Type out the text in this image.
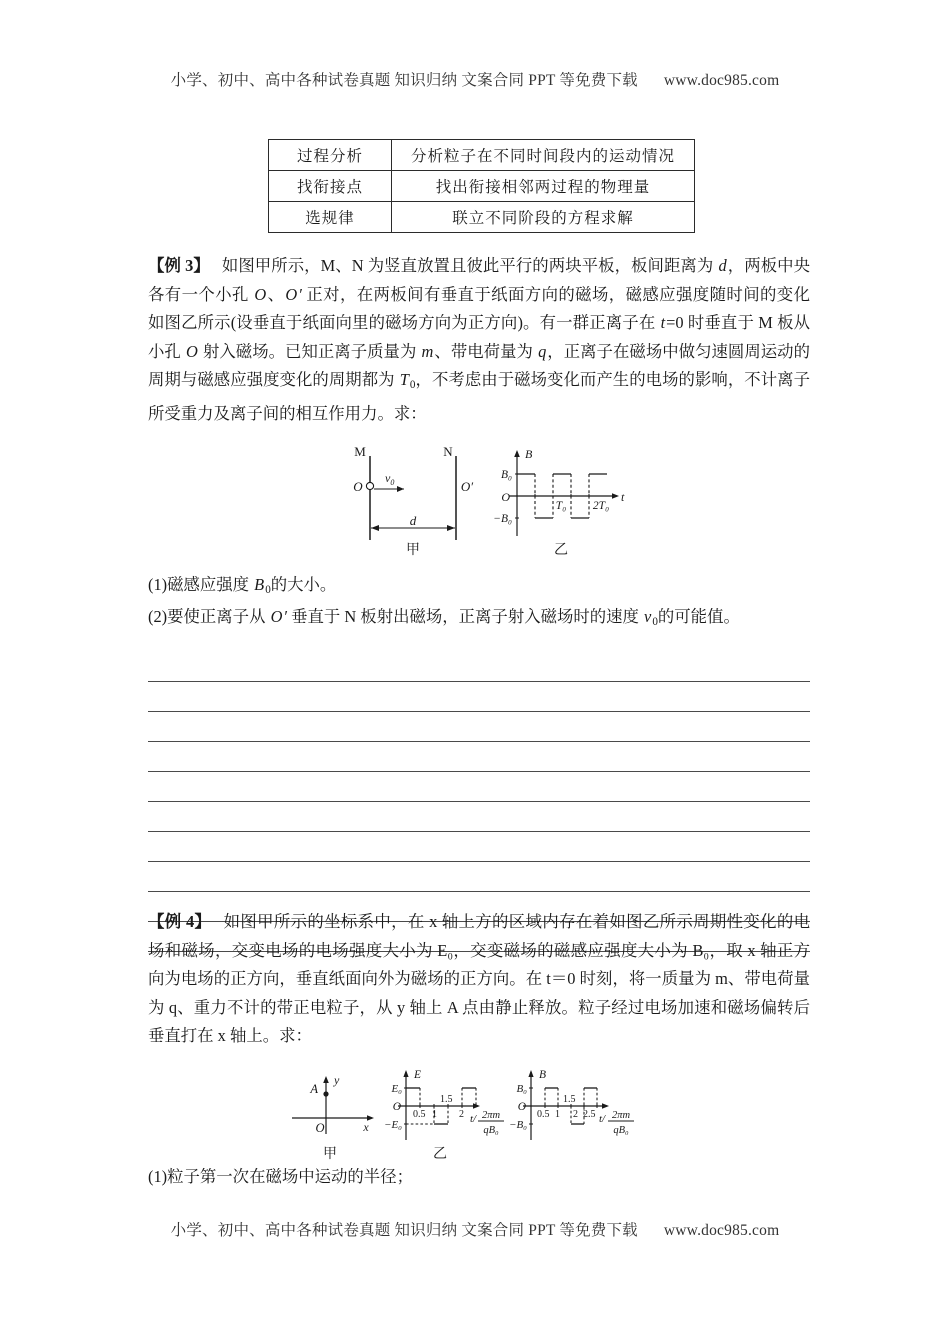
小学、初中、高中各种试卷真题 知识归纳 文案合同 PPT 等免费下载 www.doc985.com
过程分析	分析粒子在不同时间段内的运动情况
找衔接点	找出衔接相邻两过程的物理量
选规律	联立不同阶段的方程求解
【例 3】 如图甲所示，M、N 为竖直放置且彼此平行的两块平板，板间距离为 d，两板中央各有一个小孔 O、O′ 正对，在两板间有垂直于纸面方向的磁场，磁感应强度随时间的变化如图乙所示(设垂直于纸面向里的磁场方向为正方向)。有一群正离子在 t=0 时垂直于 M 板从小孔 O 射入磁场。已知正离子质量为 m、带电荷量为 q，正离子在磁场中做匀速圆周运动的周期与磁感应强度变化的周期都为 T0，不考虑由于磁场变化而产生的电场的影响，不计离子所受重力及离子间的相互作用力。求：
M	N
O	O′
$v_0$
d
甲
B
t
B₀
−B₀
O
T₀ 2T₀
乙
(1)磁感应强度 B0的大小。
(2)要使正离子从 O′ 垂直于 N 板射出磁场，正离子射入磁场时的速度 v0的可能值。
【例 4】 如图甲所示的坐标系中，在 x 轴上方的区域内存在着如图乙所示周期性变化的电场和磁场，交变电场的电场强度大小为 E₀，交变磁场的磁感应强度大小为 B₀，取 x 轴正方向为电场的正方向，垂直纸面向外为磁场的正方向。在 t＝0 时刻，将一质量为 m、带电荷量为 q、重力不计的带正电粒子，从 y 轴上 A 点由静止释放。粒子经过电场加速和磁场偏转后垂直打在 x 轴上。求：
A
y
x
O
甲
E
E₀
−E₀
O
0.5 1
1.5
2 t/ 2πm
qB₀
乙
B
B₀
−B₀
O
0.5 1
1.5
2 2.5 t/ 2πm
qB₀
(1)粒子第一次在磁场中运动的半径；
小学、初中、高中各种试卷真题 知识归纳 文案合同 PPT 等免费下载 www.doc985.com
